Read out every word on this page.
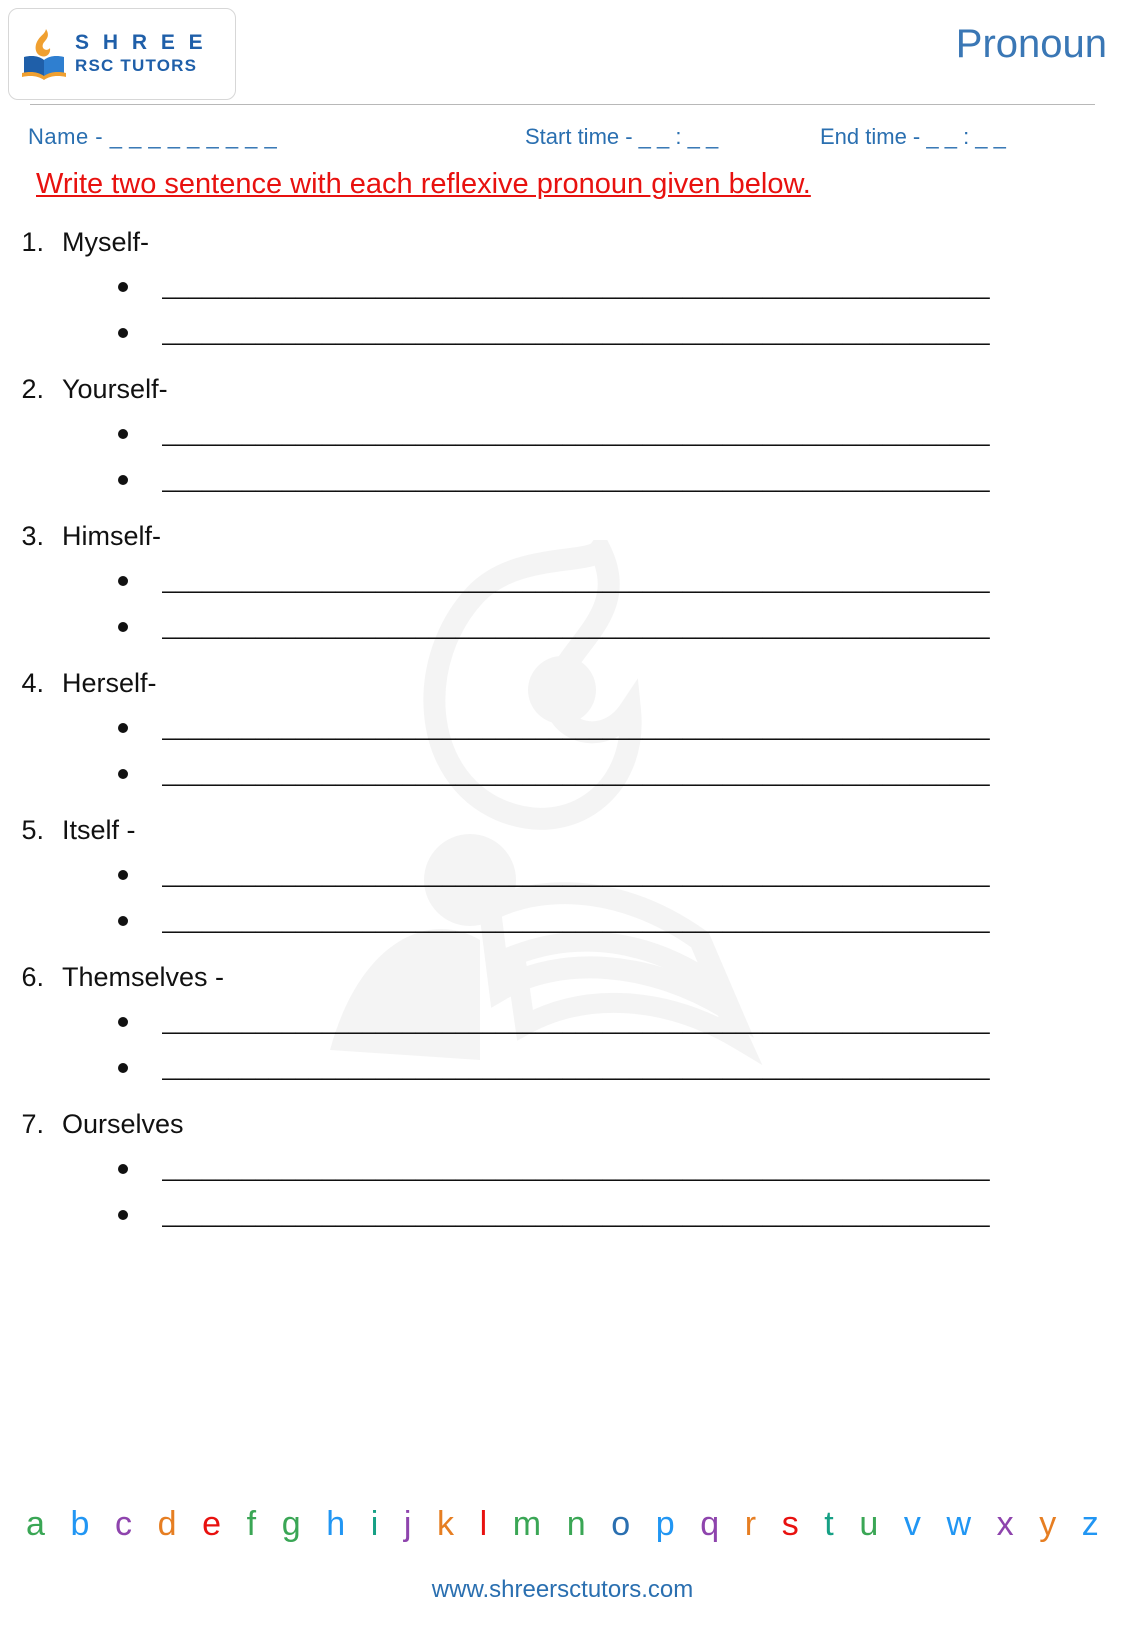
S H R E E
RSC TUTORS	Pronoun
Name - _ _ _ _ _ _ _ _ _	Start time - _ _ : _ _	End time - _ _ : _ _
Write two sentence with each reflexive pronoun given below.
1. Myself-
______________________________________________________________
______________________________________________________________
2. Yourself-
______________________________________________________________
______________________________________________________________
3. Himself-
______________________________________________________________
______________________________________________________________
4. Herself-
______________________________________________________________
______________________________________________________________
5. Itself -
______________________________________________________________
______________________________________________________________
6. Themselves -
______________________________________________________________
______________________________________________________________
7. Ourselves
______________________________________________________________
______________________________________________________________
a b c d e f g h i j k l m n o p q r s t u v w x y z
www.shreersctutors.com
